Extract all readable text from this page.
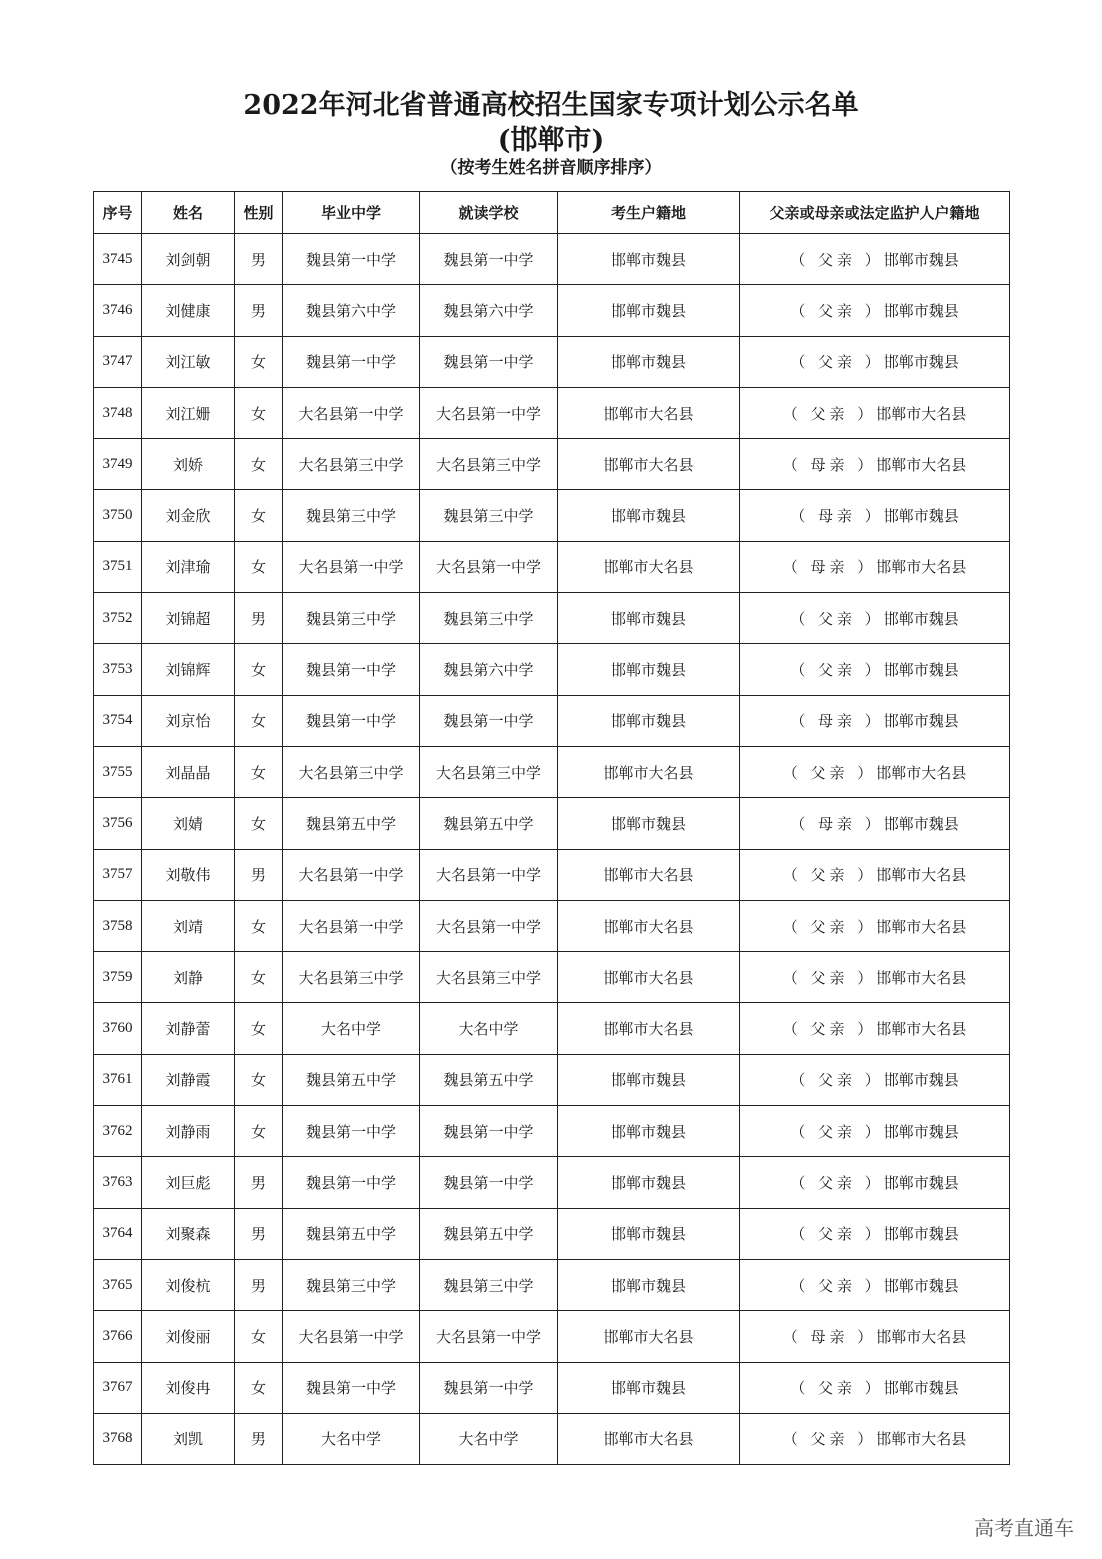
2022年河北省普通高校招生国家专项计划公示名单
(邯郸市)
（按考生姓名拼音顺序排序）
序号	姓名	性别	毕业中学	就读学校	考生户籍地	父亲或母亲或法定监护人户籍地
3745	刘剑朝	男	魏县第一中学	魏县第一中学	邯郸市魏县	（ 父亲 ）邯郸市魏县
3746	刘健康	男	魏县第六中学	魏县第六中学	邯郸市魏县	（ 父亲 ）邯郸市魏县
3747	刘江敏	女	魏县第一中学	魏县第一中学	邯郸市魏县	（ 父亲 ）邯郸市魏县
3748	刘江姗	女	大名县第一中学	大名县第一中学	邯郸市大名县	（ 父亲 ）邯郸市大名县
3749	刘娇	女	大名县第三中学	大名县第三中学	邯郸市大名县	（ 母亲 ）邯郸市大名县
3750	刘金欣	女	魏县第三中学	魏县第三中学	邯郸市魏县	（ 母亲 ）邯郸市魏县
3751	刘津瑜	女	大名县第一中学	大名县第一中学	邯郸市大名县	（ 母亲 ）邯郸市大名县
3752	刘锦超	男	魏县第三中学	魏县第三中学	邯郸市魏县	（ 父亲 ）邯郸市魏县
3753	刘锦辉	女	魏县第一中学	魏县第六中学	邯郸市魏县	（ 父亲 ）邯郸市魏县
3754	刘京怡	女	魏县第一中学	魏县第一中学	邯郸市魏县	（ 母亲 ）邯郸市魏县
3755	刘晶晶	女	大名县第三中学	大名县第三中学	邯郸市大名县	（ 父亲 ）邯郸市大名县
3756	刘婧	女	魏县第五中学	魏县第五中学	邯郸市魏县	（ 母亲 ）邯郸市魏县
3757	刘敬伟	男	大名县第一中学	大名县第一中学	邯郸市大名县	（ 父亲 ）邯郸市大名县
3758	刘靖	女	大名县第一中学	大名县第一中学	邯郸市大名县	（ 父亲 ）邯郸市大名县
3759	刘静	女	大名县第三中学	大名县第三中学	邯郸市大名县	（ 父亲 ）邯郸市大名县
3760	刘静蕾	女	大名中学	大名中学	邯郸市大名县	（ 父亲 ）邯郸市大名县
3761	刘静霞	女	魏县第五中学	魏县第五中学	邯郸市魏县	（ 父亲 ）邯郸市魏县
3762	刘静雨	女	魏县第一中学	魏县第一中学	邯郸市魏县	（ 父亲 ）邯郸市魏县
3763	刘巨彪	男	魏县第一中学	魏县第一中学	邯郸市魏县	（ 父亲 ）邯郸市魏县
3764	刘聚森	男	魏县第五中学	魏县第五中学	邯郸市魏县	（ 父亲 ）邯郸市魏县
3765	刘俊杭	男	魏县第三中学	魏县第三中学	邯郸市魏县	（ 父亲 ）邯郸市魏县
3766	刘俊丽	女	大名县第一中学	大名县第一中学	邯郸市大名县	（ 母亲 ）邯郸市大名县
3767	刘俊冉	女	魏县第一中学	魏县第一中学	邯郸市魏县	（ 父亲 ）邯郸市魏县
3768	刘凯	男	大名中学	大名中学	邯郸市大名县	（ 父亲 ）邯郸市大名县
高考直通车
